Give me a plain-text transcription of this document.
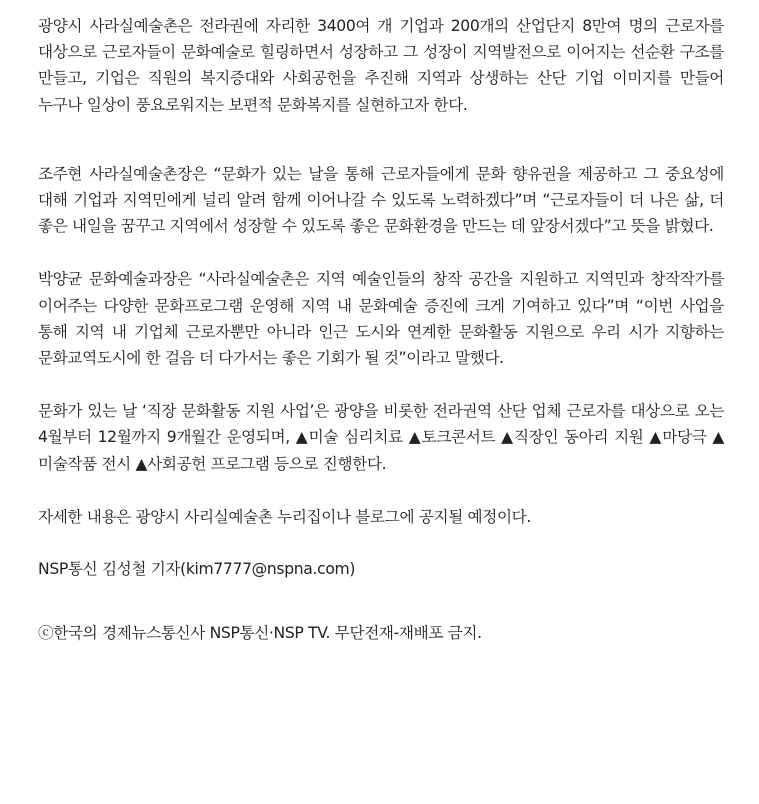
광양시 사라실예술촌은 전라권에 자리한 3400여 개 기업과 200개의 산업단지 8만여 명의 근로자를 대상으로 근로자들이 문화예술로 힐링하면서 성장하고 그 성장이 지역발전으로 이어지는 선순환 구조를 만들고, 기업은 직원의 복지증대와 사회공헌을 추진해 지역과 상생하는 산단 기업 이미지를 만들어 누구나 일상이 풍요로워지는 보편적 문화복지를 실현하고자 한다.

조주현 사라실예술촌장은 “문화가 있는 날을 통해 근로자들에게 문화 향유권을 제공하고 그 중요성에 대해 기업과 지역민에게 널리 알려 함께 이어나갈 수 있도록 노력하겠다”며 “근로자들이 더 나은 삶, 더 좋은 내일을 꿈꾸고 지역에서 성장할 수 있도록 좋은 문화환경을 만드는 데 앞장서겠다”고 뜻을 밝혔다.

박양균 문화예술과장은 “사라실예술촌은 지역 예술인들의 창작 공간을 지원하고 지역민과 창작작가를 이어주는 다양한 문화프로그램 운영해 지역 내 문화예술 증진에 크게 기여하고 있다”며 “이번 사업을 통해 지역 내 기업체 근로자뿐만 아니라 인근 도시와 연계한 문화활동 지원으로 우리 시가 지향하는 문화교역도시에 한 걸음 더 다가서는 좋은 기회가 될 것”이라고 말했다.

문화가 있는 날 ‘직장 문화활동 지원 사업’은 광양을 비롯한 전라권역 산단 업체 근로자를 대상으로 오는 4월부터 12월까지 9개월간 운영되며, ▲미술 심리치료 ▲토크콘서트 ▲직장인 동아리 지원 ▲마당극 ▲미술작품 전시 ▲사회공헌 프로그램 등으로 진행한다.

자세한 내용은 광양시 사리실예술촌 누리집이나 블로그에 공지될 예정이다.

NSP통신 김성철 기자(kim7777@nspna.com)

ⓒ한국의 경제뉴스통신사 NSP통신·NSP TV. 무단전재-재배포 금지.
